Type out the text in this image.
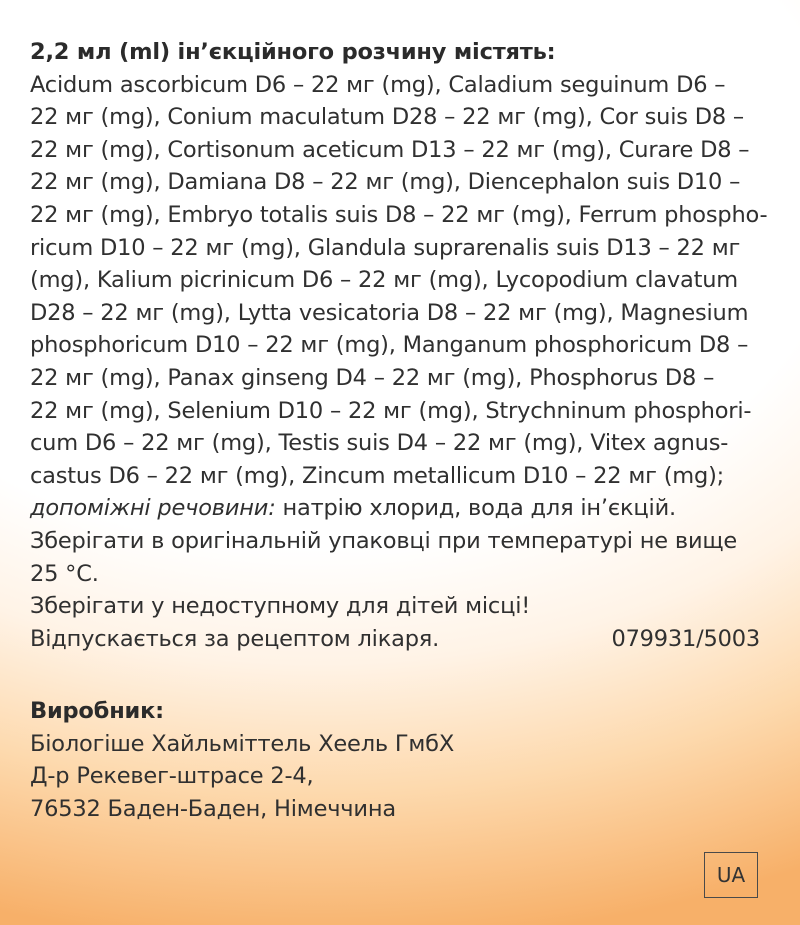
2,2 мл (ml) ін’єкційного розчину містять:
Acidum ascorbicum D6 – 22 мг (mg), Caladium seguinum D6 –
22 мг (mg), Conium maculatum D28 – 22 мг (mg), Cor suis D8 –
22 мг (mg), Cortisonum aceticum D13 – 22 мг (mg), Curare D8 –
22 мг (mg), Damiana D8 – 22 мг (mg), Diencephalon suis D10 –
22 мг (mg), Embryo totalis suis D8 – 22 мг (mg), Ferrum phospho-
ricum D10 – 22 мг (mg), Glandula suprarenalis suis D13 – 22 мг
(mg), Kalium picrinicum D6 – 22 мг (mg), Lycopodium clavatum
D28 – 22 мг (mg), Lytta vesicatoria D8 – 22 мг (mg), Magnesium
phosphoricum D10 – 22 мг (mg), Manganum phosphoricum D8 –
22 мг (mg), Panax ginseng D4 – 22 мг (mg), Phosphorus D8 –
22 мг (mg), Selenium D10 – 22 мг (mg), Strychninum phosphori-
cum D6 – 22 мг (mg), Testis suis D4 – 22 мг (mg), Vitex agnus-
castus D6 – 22 мг (mg), Zincum metallicum D10 – 22 мг (mg);
допоміжні речовини: натрію хлорид, вода для ін’єкцій.
Зберігати в оригінальній упаковці при температурі не вище
25 °C.
Зберігати у недоступному для дітей місці!
Відпускається за рецептом лікаря.	079931/5003
Виробник:
Біологіше Хайльміттель Хеель ГмбХ
Д-р Рекевег-штрасе 2-4,
76532 Баден-Баден, Німеччина
UA
